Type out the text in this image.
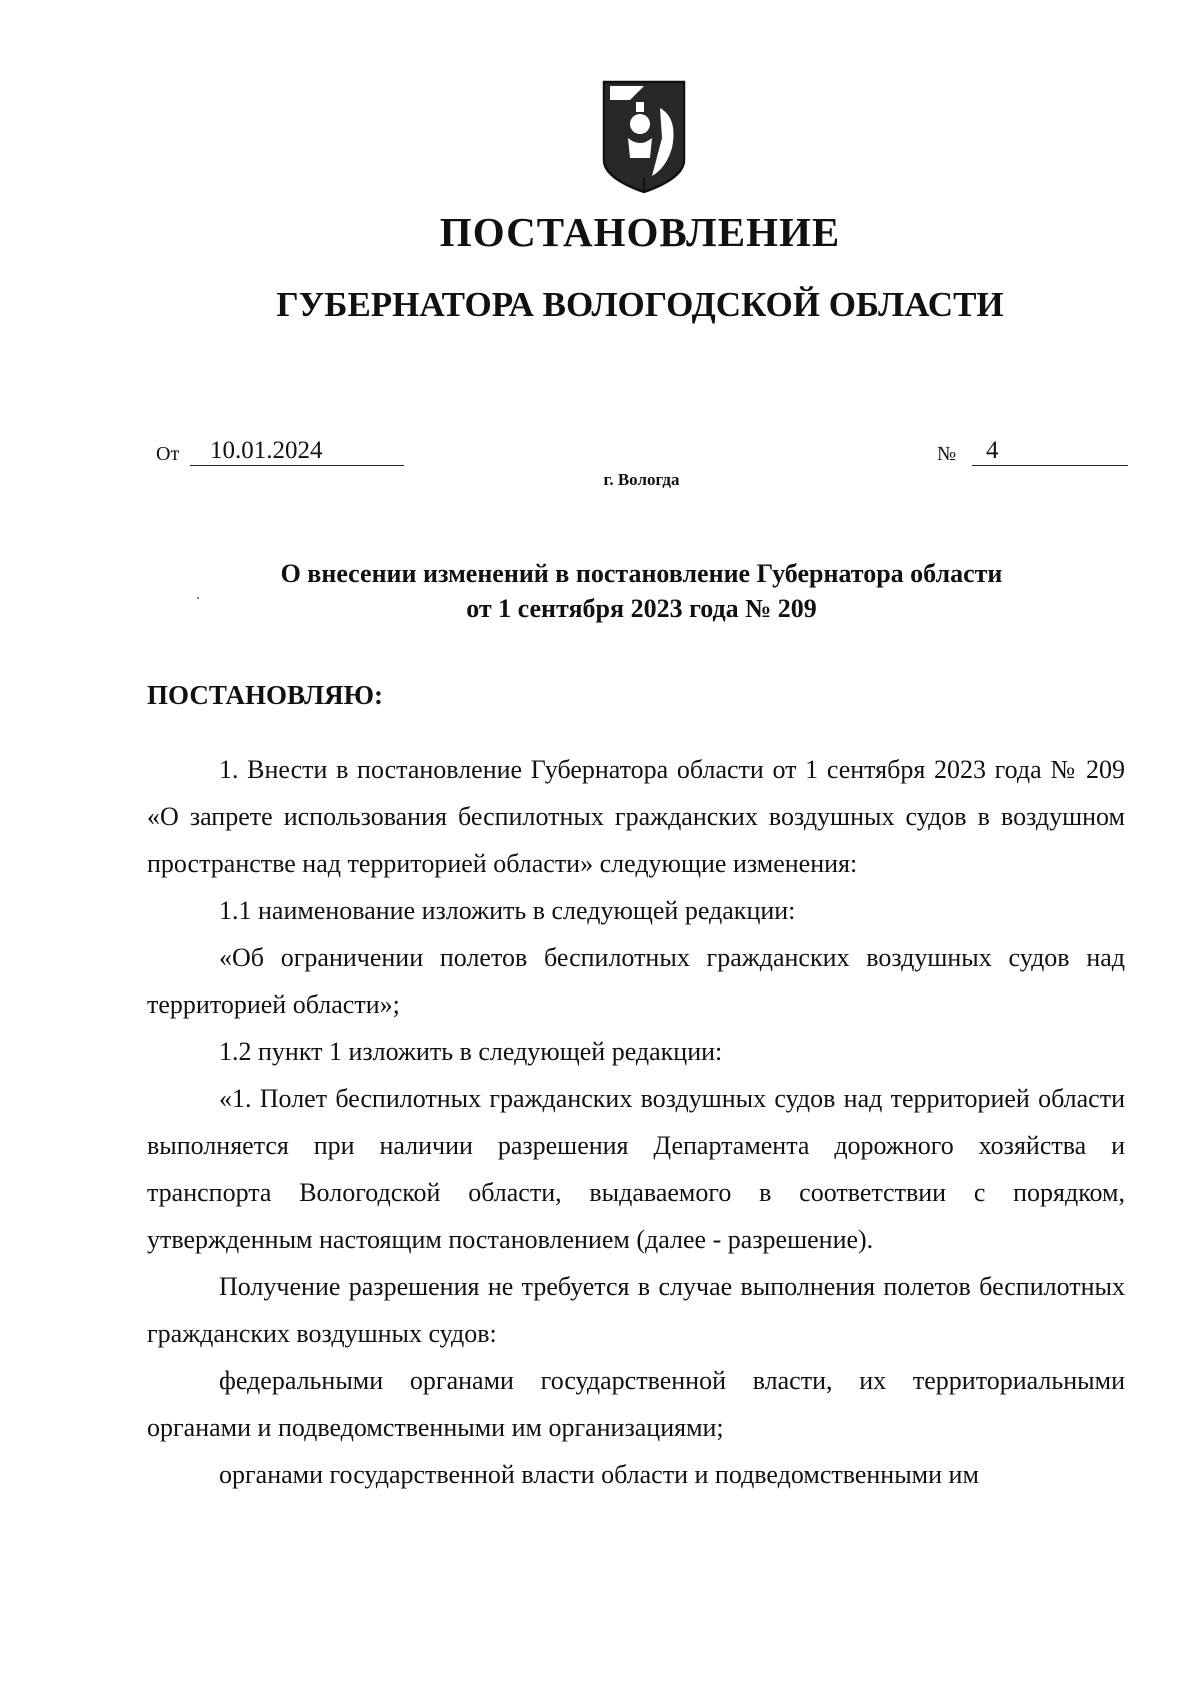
ПОСТАНОВЛЕНИЕ
ГУБЕРНАТОРА ВОЛОГОДСКОЙ ОБЛАСТИ
От	10.01.2024	№	4
г. Вологда
О внесении изменений в постановление Губернатора области
от 1 сентября 2023 года № 209
ПОСТАНОВЛЯЮ:

1. Внести в постановление Губернатора области от 1 сентября 2023 года № 209 «О запрете использования беспилотных гражданских воздушных судов в воздушном пространстве над территорией области» следующие изменения:

1.1 наименование изложить в следующей редакции:

«Об ограничении полетов беспилотных гражданских воздушных судов над территорией области»;

1.2 пункт 1 изложить в следующей редакции:

«1. Полет беспилотных гражданских воздушных судов над территорией области выполняется при наличии разрешения Департамента дорожного хозяйства и транспорта Вологодской области, выдаваемого в соответствии с порядком, утвержденным настоящим постановлением (далее - разрешение).

Получение разрешения не требуется в случае выполнения полетов беспилотных гражданских воздушных судов:

федеральными органами государственной власти, их территориальными органами и подведомственными им организациями;

органами государственной власти области и подведомственными им
